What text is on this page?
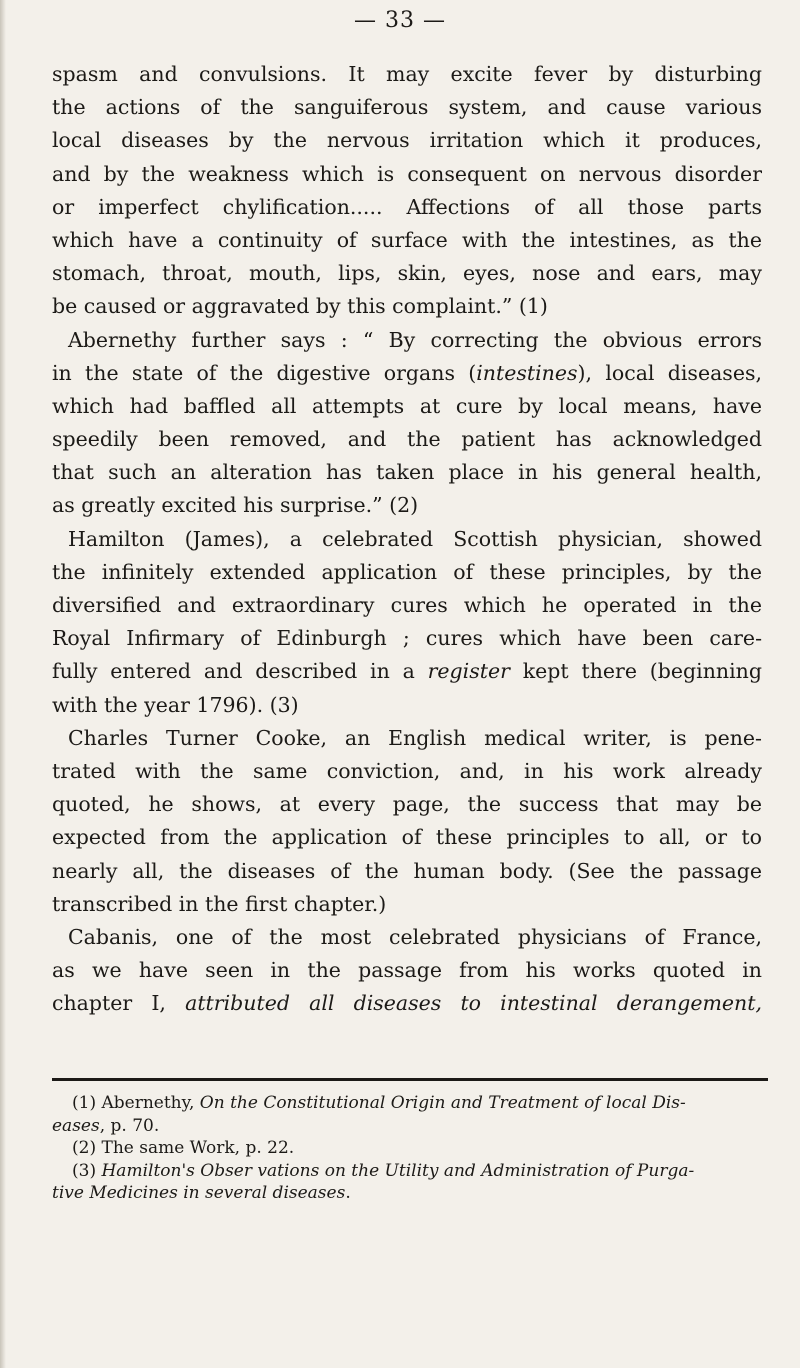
— 33 —
spasm and convulsions. It may excite fever by disturbing
the actions of the sanguiferous system, and cause various
local diseases by the nervous irritation which it produces,
and by the weakness which is consequent on nervous disorder
or imperfect chylification..... Affections of all those parts
which have a continuity of surface with the intestines, as the
stomach, throat, mouth, lips, skin, eyes, nose and ears, may
be caused or aggravated by this complaint.” (1)
Abernethy further says : “ By correcting the obvious errors
in the state of the digestive organs (intestines), local diseases,
which had baffled all attempts at cure by local means, have
speedily been removed, and the patient has acknowledged
that such an alteration has taken place in his general health,
as greatly excited his surprise.” (2)
Hamilton (James), a celebrated Scottish physician, showed
the infinitely extended application of these principles, by the
diversified and extraordinary cures which he operated in the
Royal Infirmary of Edinburgh ; cures which have been care-
fully entered and described in a register kept there (beginning
with the year 1796). (3)
Charles Turner Cooke, an English medical writer, is pene-
trated with the same conviction, and, in his work already
quoted, he shows, at every page, the success that may be
expected from the application of these principles to all, or to
nearly all, the diseases of the human body. (See the passage
transcribed in the first chapter.)
Cabanis, one of the most celebrated physicians of France,
as we have seen in the passage from his works quoted in
chapter I, attributed all diseases to intestinal derangement,
(1) Abernethy, On the Constitutional Origin and Treatment of local Dis-
eases, p. 70.
(2) The same Work, p. 22.
(3) Hamilton's Obser vations on the Utility and Administration of Purga-
tive Medicines in several diseases.
